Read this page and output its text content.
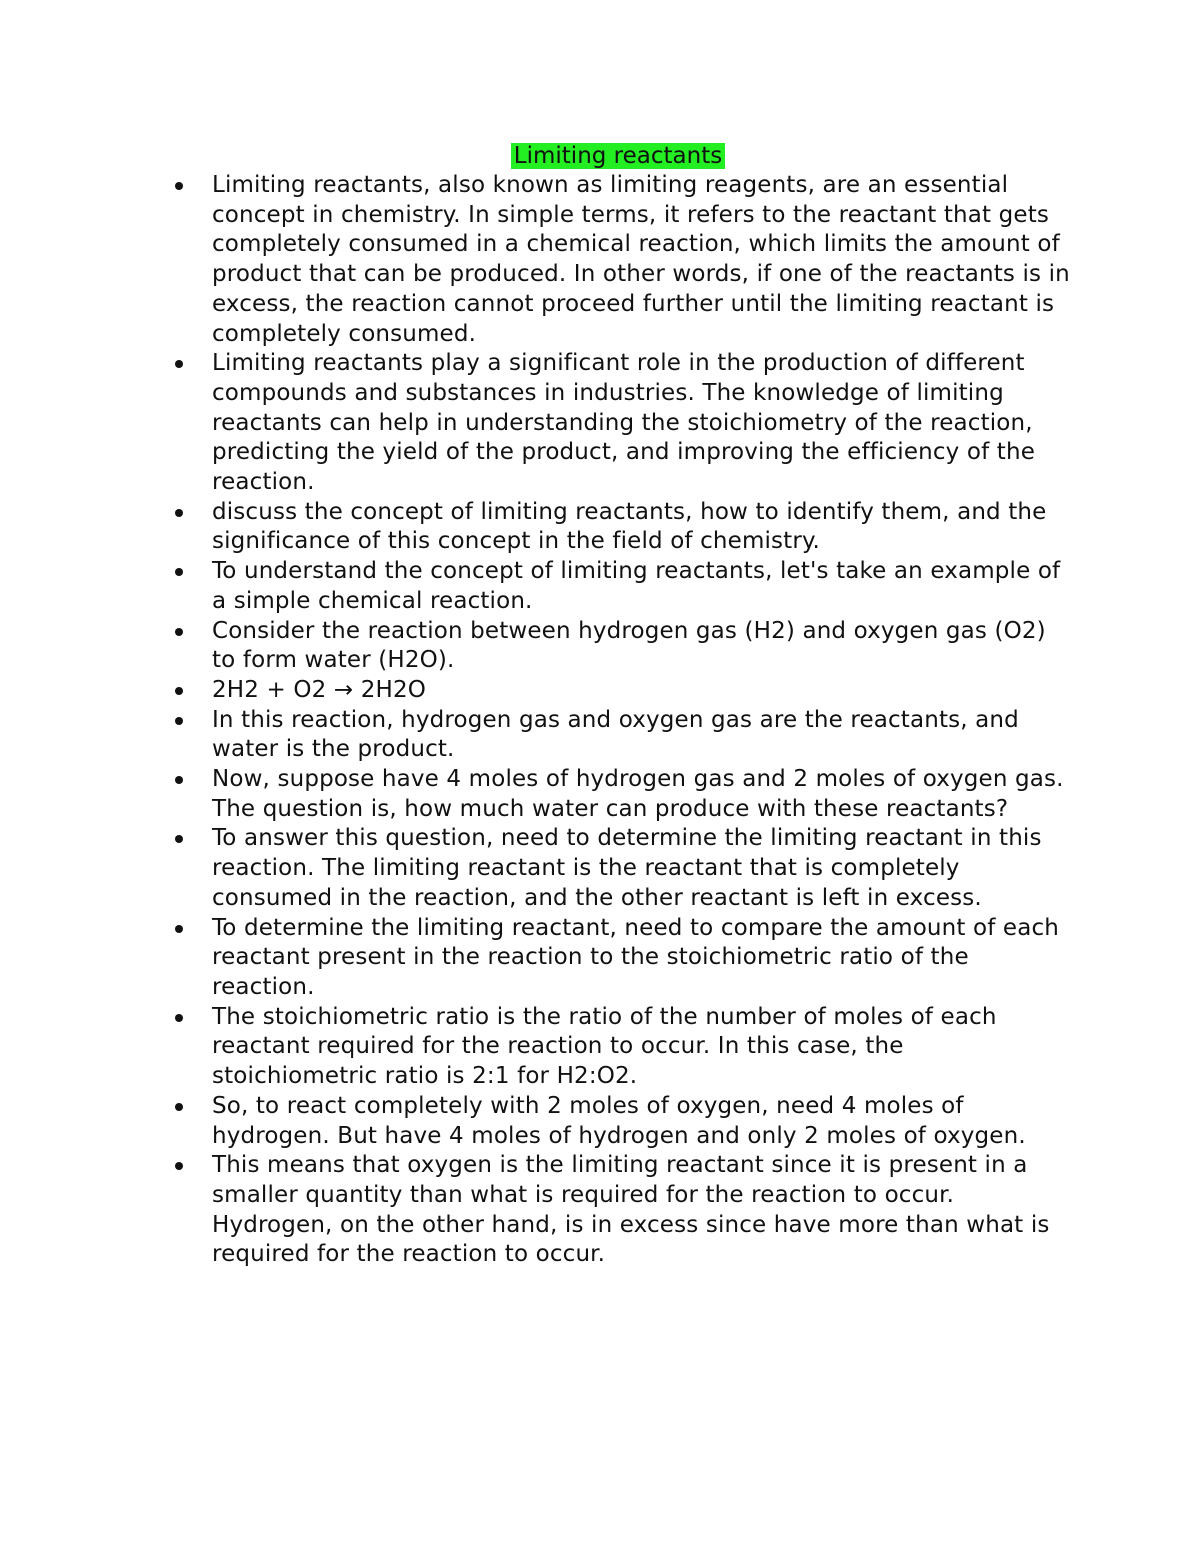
Limiting reactants
Limiting reactants, also known as limiting reagents, are an essential concept in chemistry. In simple terms, it refers to the reactant that gets completely consumed in a chemical reaction, which limits the amount of product that can be produced. In other words, if one of the reactants is in excess, the reaction cannot proceed further until the limiting reactant is completely consumed.
Limiting reactants play a significant role in the production of different compounds and substances in industries. The knowledge of limiting reactants can help in understanding the stoichiometry of the reaction, predicting the yield of the product, and improving the efficiency of the reaction.
discuss the concept of limiting reactants, how to identify them, and the significance of this concept in the field of chemistry.
To understand the concept of limiting reactants, let's take an example of a simple chemical reaction.
Consider the reaction between hydrogen gas (H2) and oxygen gas (O2) to form water (H2O).
2H2 + O2 → 2H2O
In this reaction, hydrogen gas and oxygen gas are the reactants, and water is the product.
Now, suppose have 4 moles of hydrogen gas and 2 moles of oxygen gas. The question is, how much water can produce with these reactants?
To answer this question, need to determine the limiting reactant in this reaction. The limiting reactant is the reactant that is completely consumed in the reaction, and the other reactant is left in excess.
To determine the limiting reactant, need to compare the amount of each reactant present in the reaction to the stoichiometric ratio of the reaction.
The stoichiometric ratio is the ratio of the number of moles of each reactant required for the reaction to occur. In this case, the stoichiometric ratio is 2:1 for H2:O2.
So, to react completely with 2 moles of oxygen, need 4 moles of hydrogen. But have 4 moles of hydrogen and only 2 moles of oxygen.
This means that oxygen is the limiting reactant since it is present in a smaller quantity than what is required for the reaction to occur. Hydrogen, on the other hand, is in excess since have more than what is required for the reaction to occur.
